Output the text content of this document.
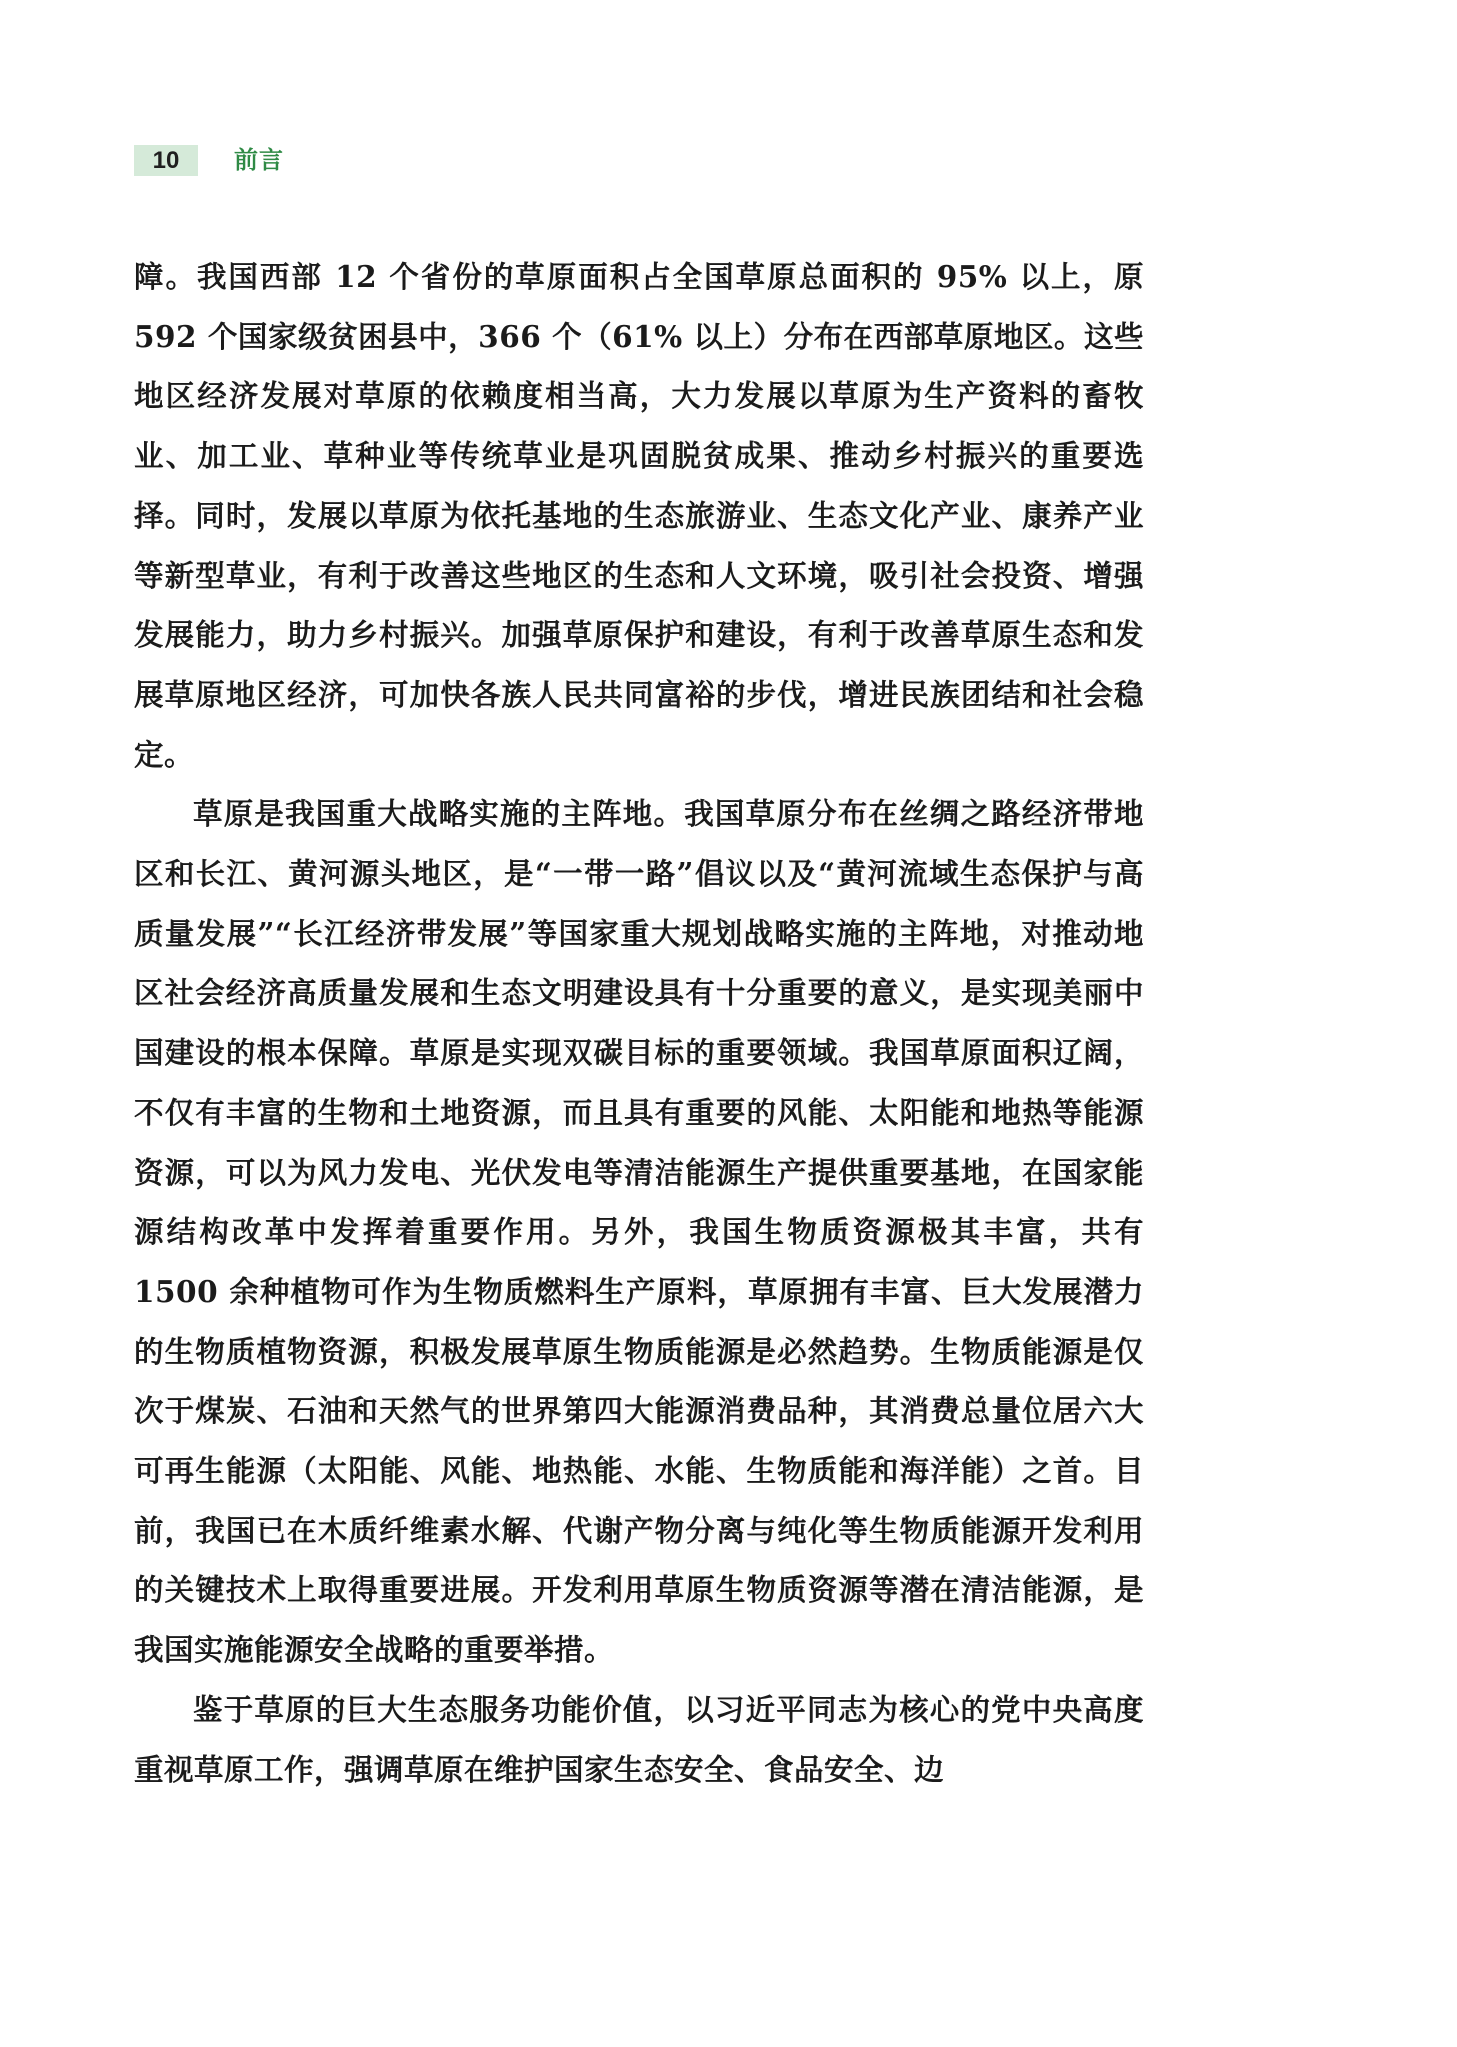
10	前言

障。我国西部 12 个省份的草原面积占全国草原总面积的 95% 以上，原 592 个国家级贫困县中，366 个（61% 以上）分布在西部草原地区。这些地区经济发展对草原的依赖度相当高，大力发展以草原为生产资料的畜牧业、加工业、草种业等传统草业是巩固脱贫成果、推动乡村振兴的重要选择。同时，发展以草原为依托基地的生态旅游业、生态文化产业、康养产业等新型草业，有利于改善这些地区的生态和人文环境，吸引社会投资、增强发展能力，助力乡村振兴。加强草原保护和建设，有利于改善草原生态和发展草原地区经济，可加快各族人民共同富裕的步伐，增进民族团结和社会稳定。

草原是我国重大战略实施的主阵地。我国草原分布在丝绸之路经济带地区和长江、黄河源头地区，是“一带一路”倡议以及“黄河流域生态保护与高质量发展”“长江经济带发展”等国家重大规划战略实施的主阵地，对推动地区社会经济高质量发展和生态文明建设具有十分重要的意义，是实现美丽中国建设的根本保障。草原是实现双碳目标的重要领域。我国草原面积辽阔，不仅有丰富的生物和土地资源，而且具有重要的风能、太阳能和地热等能源资源，可以为风力发电、光伏发电等清洁能源生产提供重要基地，在国家能源结构改革中发挥着重要作用。另外，我国生物质资源极其丰富，共有 1500 余种植物可作为生物质燃料生产原料，草原拥有丰富、巨大发展潜力的生物质植物资源，积极发展草原生物质能源是必然趋势。生物质能源是仅次于煤炭、石油和天然气的世界第四大能源消费品种，其消费总量位居六大可再生能源（太阳能、风能、地热能、水能、生物质能和海洋能）之首。目前，我国已在木质纤维素水解、代谢产物分离与纯化等生物质能源开发利用的关键技术上取得重要进展。开发利用草原生物质资源等潜在清洁能源，是我国实施能源安全战略的重要举措。

鉴于草原的巨大生态服务功能价值，以习近平同志为核心的党中央高度重视草原工作，强调草原在维护国家生态安全、食品安全、边
